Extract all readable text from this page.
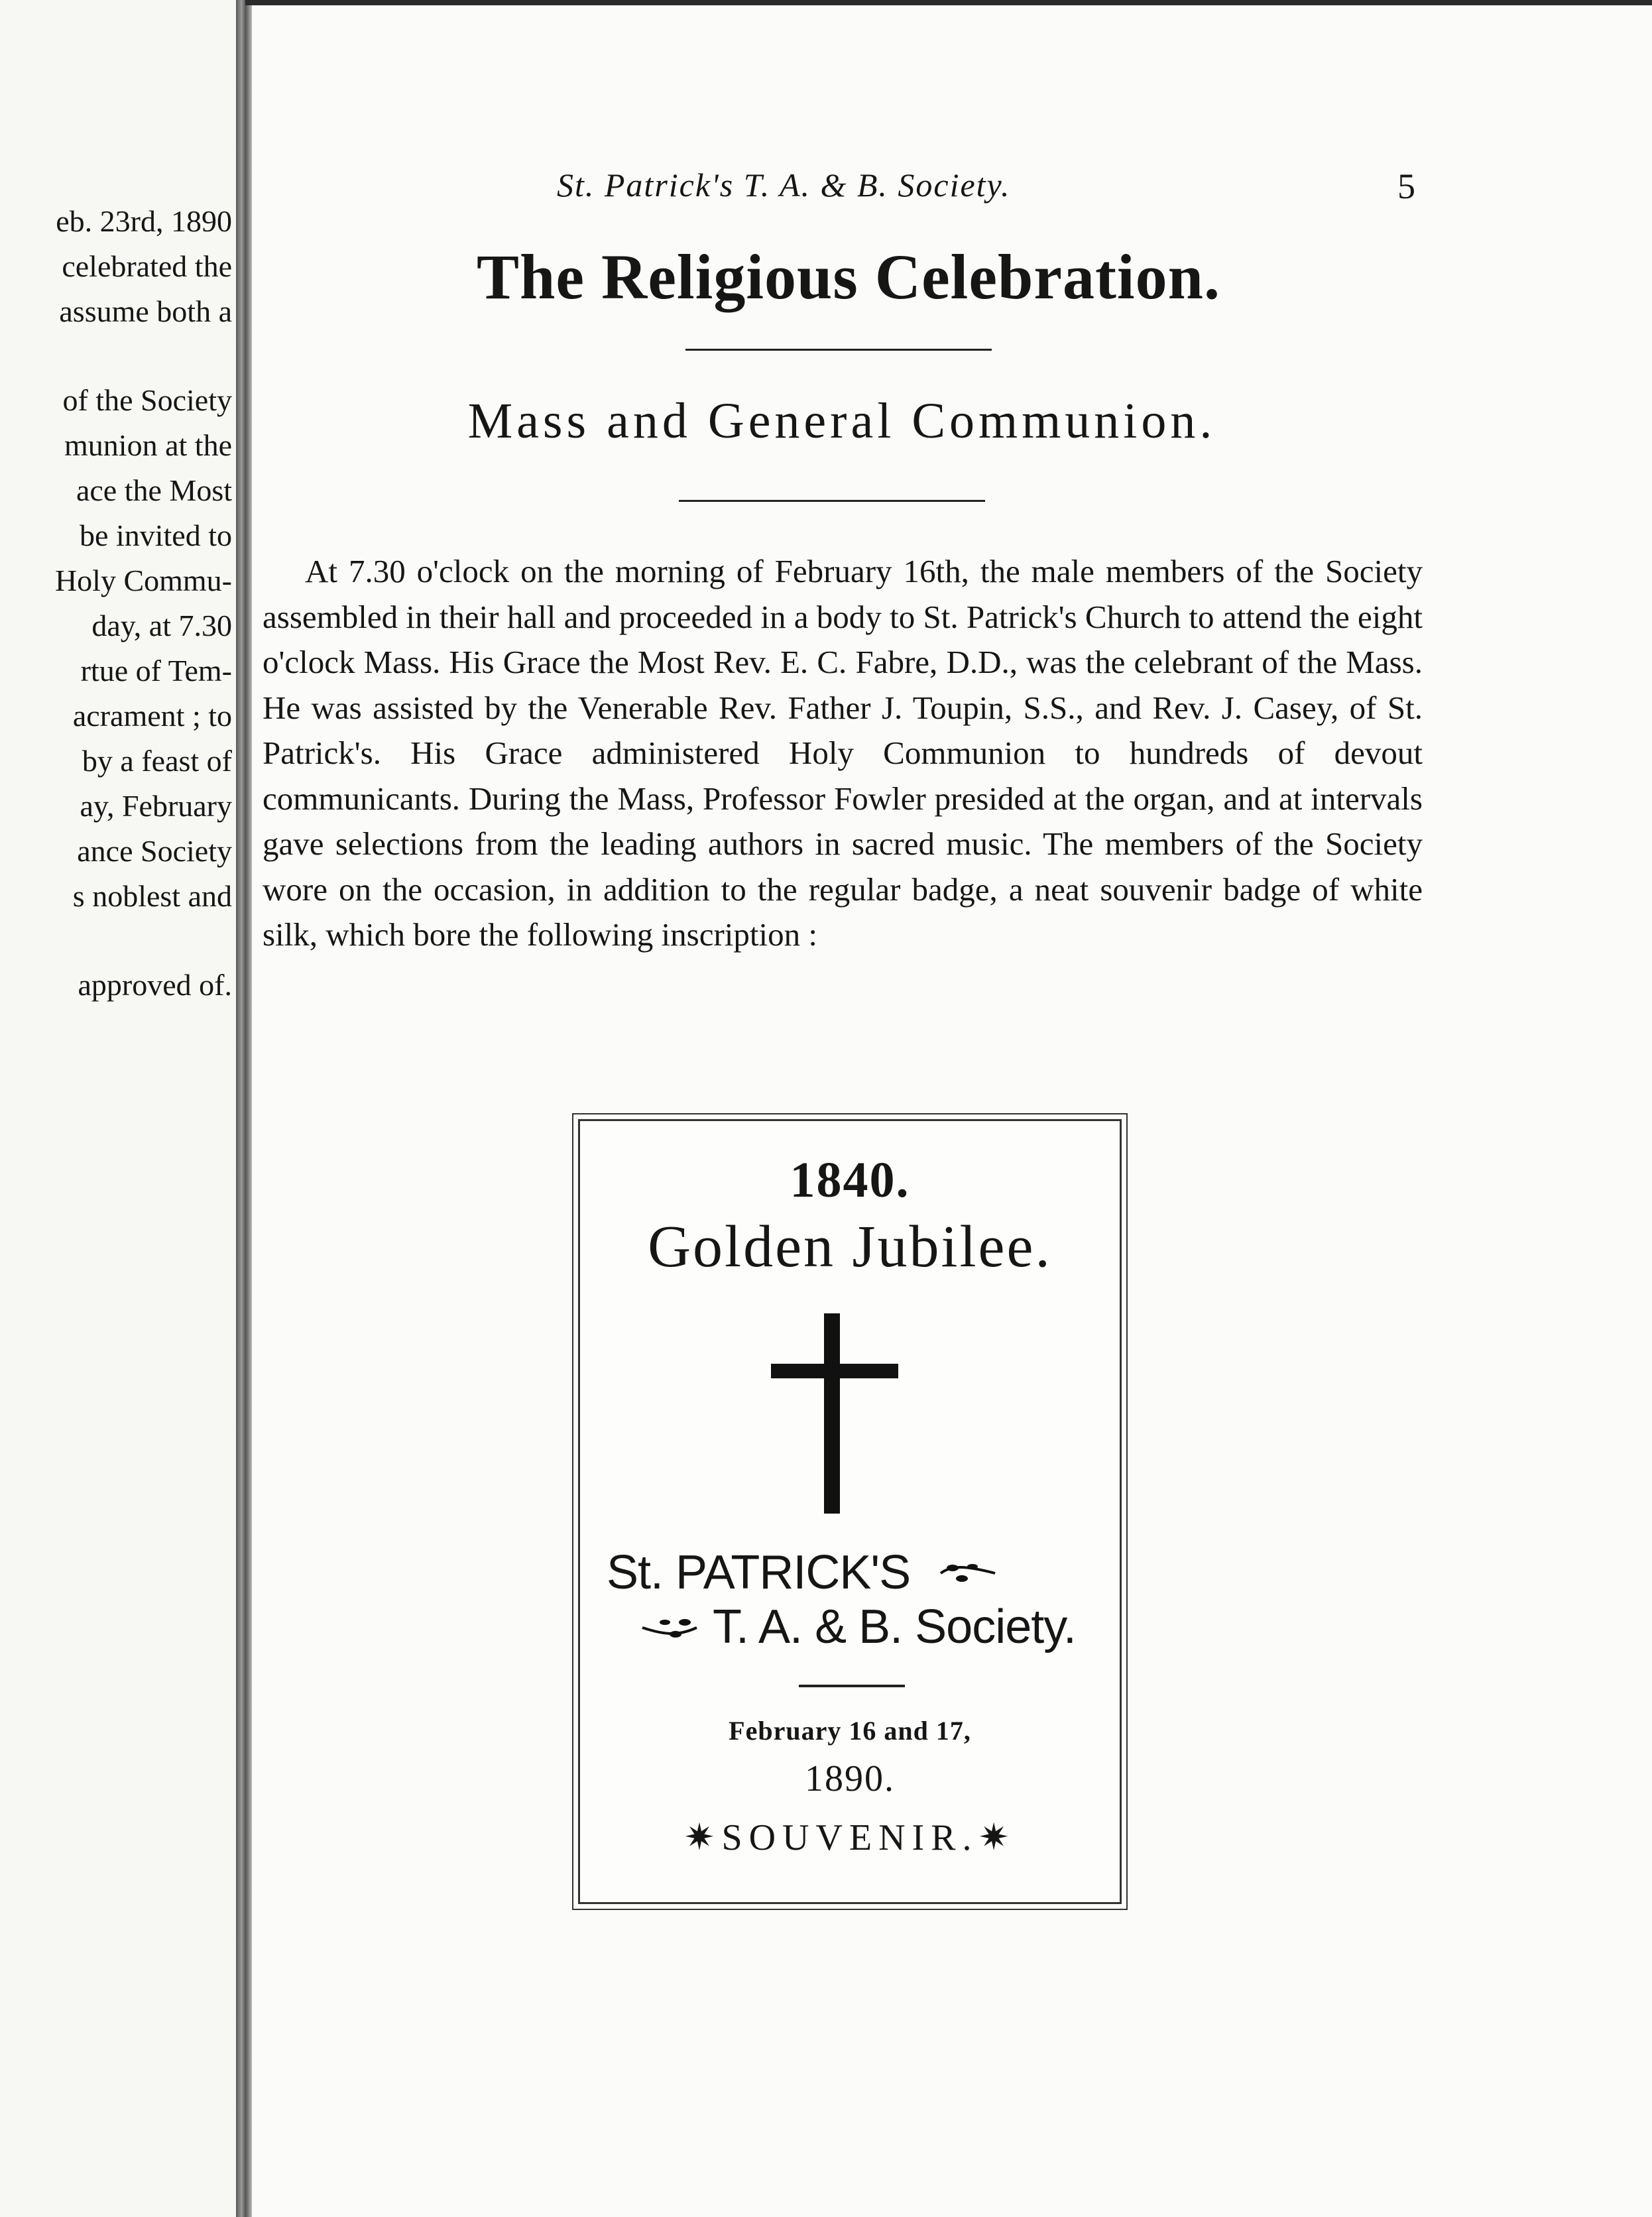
eb. 23rd, 1890
celebrated the
assume both a
of the Society
munion at the
ace the Most
be invited to
Holy Commu-
day, at 7.30
rtue of Tem-
acrament ; to
by a feast of
ay, February
ance Society
s noblest and
approved of.
St. Patrick's T. A. & B. Society.	5
The Religious Celebration.
Mass and General Communion.
At 7.30 o'clock on the morning of February 16th, the male members of the Society assembled in their hall and proceeded in a body to St. Patrick's Church to attend the eight o'clock Mass. His Grace the Most Rev. E. C. Fabre, D.D., was the celebrant of the Mass. He was assisted by the Venerable Rev. Father J. Toupin, S.S., and Rev. J. Casey, of St. Patrick's. His Grace administered Holy Communion to hundreds of devout communicants. During the Mass, Professor Fowler presided at the organ, and at intervals gave selections from the leading authors in sacred music. The members of the Society wore on the occasion, in addition to the regular badge, a neat souvenir badge of white silk, which bore the following inscription :
1840.
Golden Jubilee.
St. PATRICK'S
T. A. & B. Society.
February 16 and 17,
1890.
✷SOUVENIR.✷
